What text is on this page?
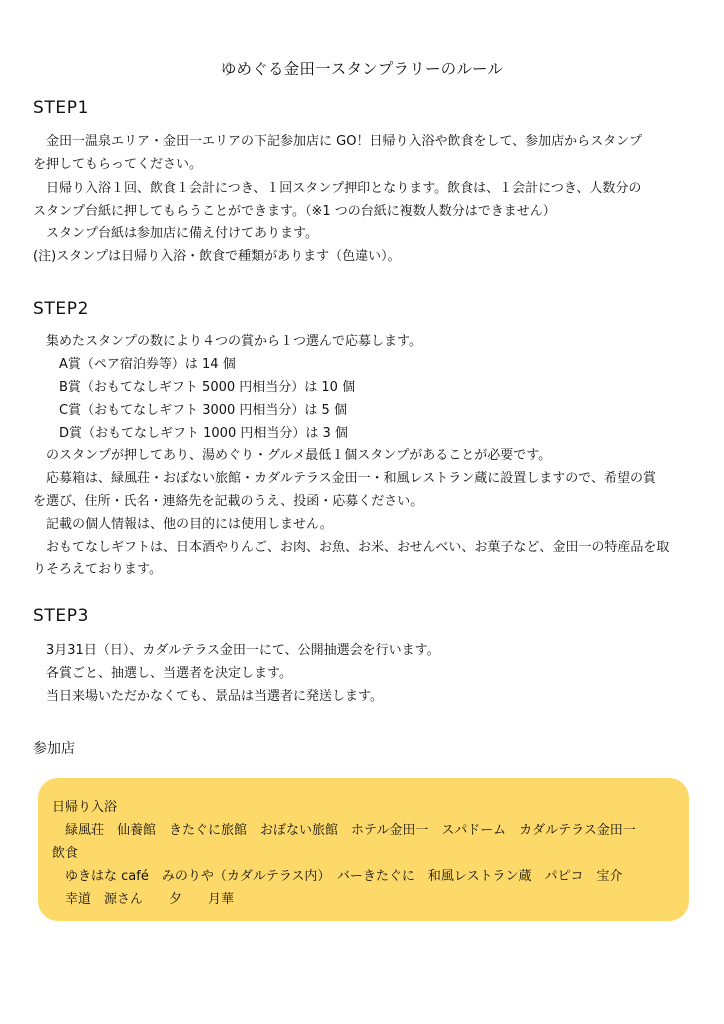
ゆめぐる金田一スタンプラリーのルール
STEP1
　金田一温泉エリア・金田一エリアの下記参加店に GO！日帰り入浴や飲食をして、参加店からスタンプ
を押してもらってください。
　日帰り入浴１回、飲食１会計につき、１回スタンプ押印となります。飲食は、１会計につき、人数分の
スタンプ台紙に押してもらうことができます。（※1 つの台紙に複数人数分はできません）
　スタンプ台紙は参加店に備え付けてあります。
(注)スタンプは日帰り入浴・飲食で種類があります（色違い）。
STEP2
　集めたスタンプの数により４つの賞から１つ選んで応募します。
　　A賞（ペア宿泊券等）は 14 個
　　B賞（おもてなしギフト 5000 円相当分）は 10 個
　　C賞（おもてなしギフト 3000 円相当分）は 5 個
　　D賞（おもてなしギフト 1000 円相当分）は 3 個
　のスタンプが押してあり、湯めぐり・グルメ最低１個スタンプがあることが必要です。
　応募箱は、緑風荘・おぼない旅館・カダルテラス金田一・和風レストラン蔵に設置しますので、希望の賞
を選び、住所・氏名・連絡先を記載のうえ、投函・応募ください。
　記載の個人情報は、他の目的には使用しません。
　おもてなしギフトは、日本酒やりんご、お肉、お魚、お米、おせんべい、お菓子など、金田一の特産品を取
りそろえております。
STEP3
　3月31日（日）、カダルテラス金田一にて、公開抽選会を行います。
　各賞ごと、抽選し、当選者を決定します。
　当日来場いただかなくても、景品は当選者に発送します。
参加店
日帰り入浴
　緑風荘　仙養館　きたぐに旅館　おぼない旅館　ホテル金田一　スパドーム　カダルテラス金田一
飲食
　ゆきはな café　みのりや（カダルテラス内）　バーきたぐに　和風レストラン蔵　パピコ　宝介
　幸道　源さん　　夕　　月華
